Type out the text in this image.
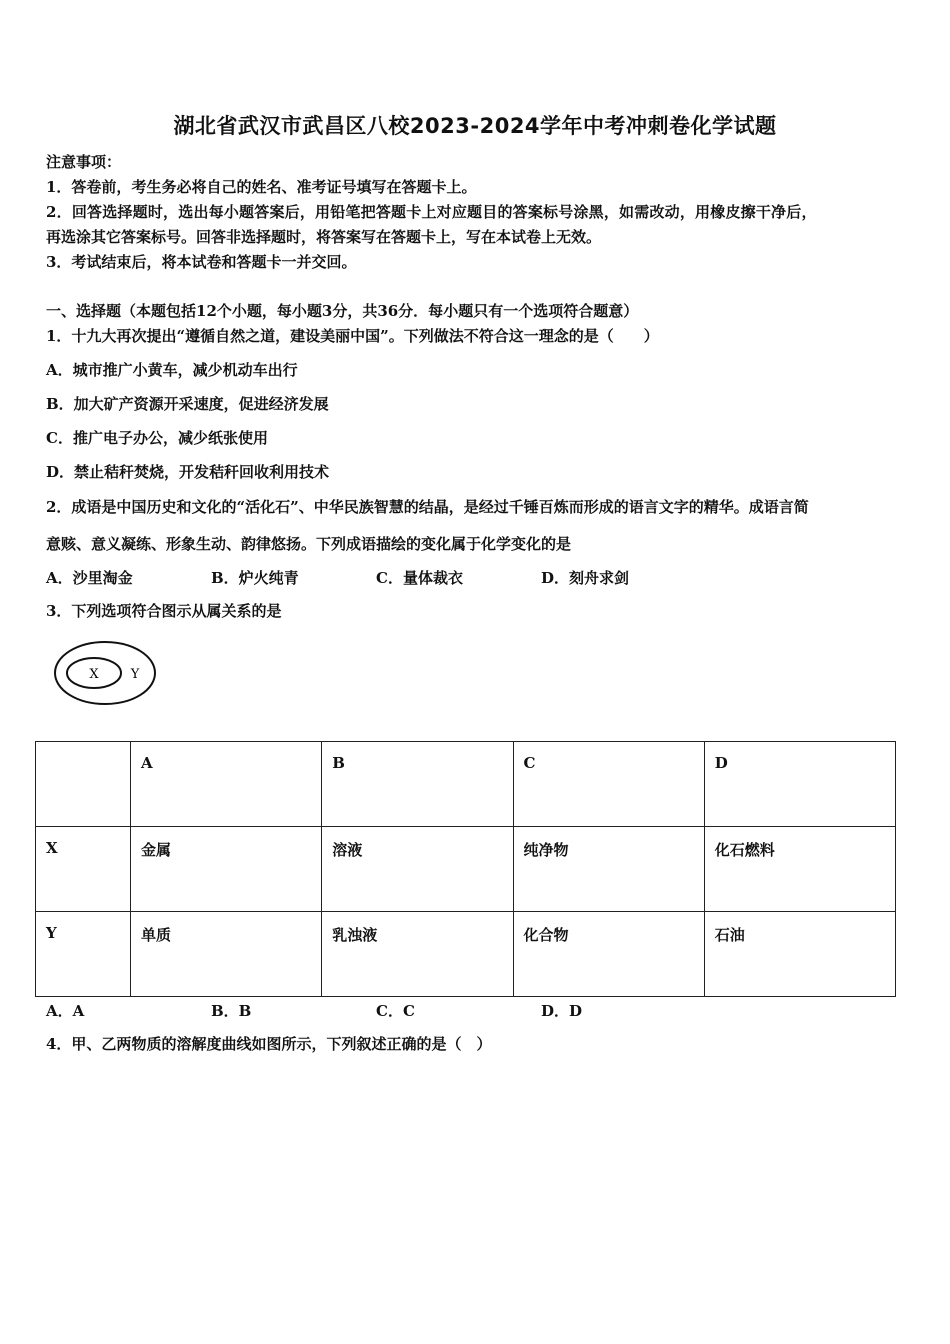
湖北省武汉市武昌区八校2023-2024学年中考冲刺卷化学试题
注意事项：
1．答卷前，考生务必将自己的姓名、准考证号填写在答题卡上。
2．回答选择题时，选出每小题答案后，用铅笔把答题卡上对应题目的答案标号涂黑，如需改动，用橡皮擦干净后，
再选涂其它答案标号。回答非选择题时，将答案写在答题卡上，写在本试卷上无效。
3．考试结束后，将本试卷和答题卡一并交回。
一、选择题（本题包括12个小题，每小题3分，共36分．每小题只有一个选项符合题意）
1．十九大再次提出“遵循自然之道，建设美丽中国”。下列做法不符合这一理念的是（　　）
A．城市推广小黄车，减少机动车出行
B．加大矿产资源开采速度，促进经济发展
C．推广电子办公，减少纸张使用
D．禁止秸秆焚烧，开发秸秆回收利用技术
2．成语是中国历史和文化的“活化石”、中华民族智慧的结晶，是经过千锤百炼而形成的语言文字的精华。成语言简
意赅、意义凝练、形象生动、韵律悠扬。下列成语描绘的变化属于化学变化的是
A．沙里淘金	B．炉火纯青	C．量体裁衣	D．刻舟求剑
3．下列选项符合图示从属关系的是
X Y
	A	B	C	D
X	金属	溶液	纯净物	化石燃料
Y	单质	乳浊液	化合物	石油
A．A	B．B	C．C	D．D
4．甲、乙两物质的溶解度曲线如图所示，下列叙述正确的是（　）
